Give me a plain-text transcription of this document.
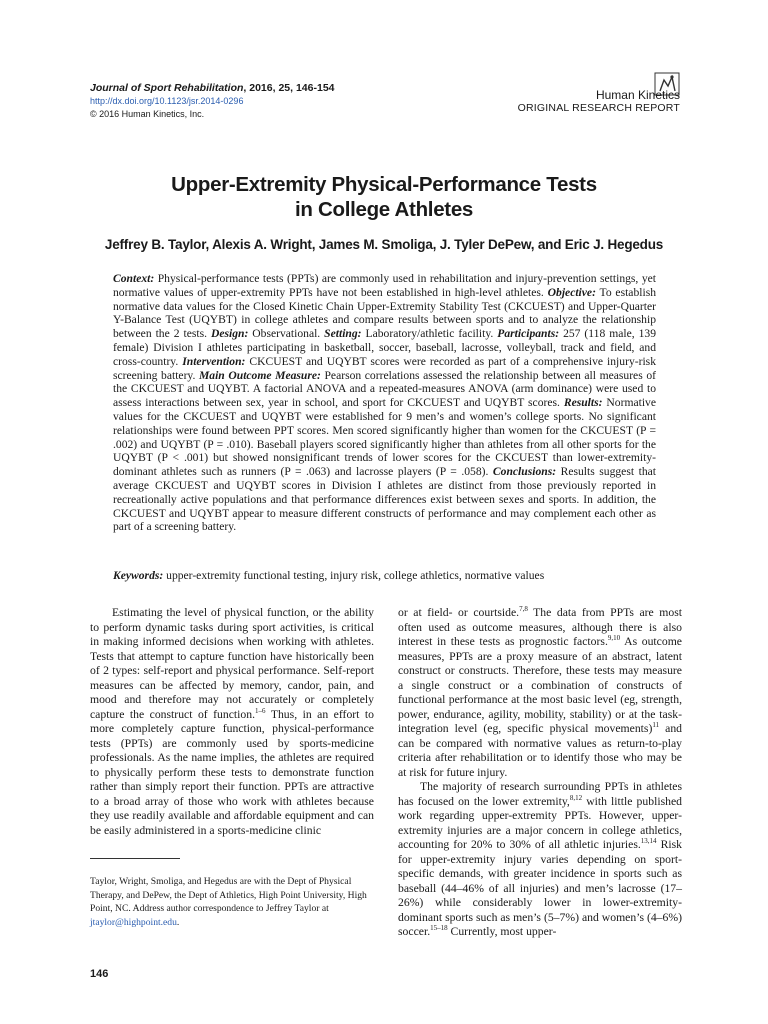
Journal of Sport Rehabilitation, 2016, 25, 146-154
http://dx.doi.org/10.1123/jsr.2014-0296
© 2016 Human Kinetics, Inc.
Human Kinetics
ORIGINAL RESEARCH REPORT
Upper-Extremity Physical-Performance Tests
in College Athletes
Jeffrey B. Taylor, Alexis A. Wright, James M. Smoliga, J. Tyler DePew, and Eric J. Hegedus
Context: Physical-performance tests (PPTs) are commonly used in rehabilitation and injury-prevention settings, yet normative values of upper-extremity PPTs have not been established in high-level athletes. Objective: To establish normative data values for the Closed Kinetic Chain Upper-Extremity Stability Test (CKCUEST) and Upper-Quarter Y-Balance Test (UQYBT) in college athletes and compare results between sports and to analyze the relationship between the 2 tests. Design: Observational. Setting: Laboratory/athletic facility. Participants: 257 (118 male, 139 female) Division I athletes participating in basketball, soccer, baseball, lacrosse, volleyball, track and field, and cross-country. Intervention: CKCUEST and UQYBT scores were recorded as part of a comprehensive injury-risk screening battery. Main Outcome Measure: Pearson correlations assessed the relationship between all measures of the CKCUEST and UQYBT. A factorial ANOVA and a repeated-measures ANOVA (arm dominance) were used to assess interactions between sex, year in school, and sport for CKCUEST and UQYBT scores. Results: Normative values for the CKCUEST and UQYBT were established for 9 men’s and women’s college sports. No significant relationships were found between PPT scores. Men scored significantly higher than women for the CKCUEST (P = .002) and UQYBT (P = .010). Baseball players scored significantly higher than athletes from all other sports for the UQYBT (P < .001) but showed nonsignificant trends of lower scores for the CKCUEST than lower-extremity-dominant athletes such as runners (P = .063) and lacrosse players (P = .058). Conclusions: Results suggest that average CKCUEST and UQYBT scores in Division I athletes are distinct from those previously reported in recreationally active populations and that performance differences exist between sexes and sports. In addition, the CKCUEST and UQYBT appear to measure different constructs of performance and may complement each other as part of a screening battery.
Keywords: upper-extremity functional testing, injury risk, college athletics, normative values

Estimating the level of physical function, or the ability to perform dynamic tasks during sport activities, is critical in making informed decisions when working with athletes. Tests that attempt to capture function have historically been of 2 types: self-report and physical performance. Self-report measures can be affected by memory, candor, pain, and mood and therefore may not accurately or completely capture the construct of function.$^{1-6}$ Thus, in an effort to more completely capture function, physical-performance tests (PPTs) are commonly used by sports-medicine professionals. As the name implies, the athletes are required to physically perform these tests to demonstrate function rather than simply report their function. PPTs are attractive to a broad array of those who work with athletes because they use readily available and affordable equipment and can be easily administered in a sports-medicine clinic

or at field- or courtside.$^{7,8}$ The data from PPTs are most often used as outcome measures, although there is also interest in these tests as prognostic factors.$^{9,10}$ As outcome measures, PPTs are a proxy measure of an abstract, latent construct or constructs. Therefore, these tests may measure a single construct or a combination of constructs of functional performance at the most basic level (eg, strength, power, endurance, agility, mobility, stability) or at the task-integration level (eg, specific physical movements)$^{11}$ and can be compared with normative values as return-to-play criteria after rehabilitation or to identify those who may be at risk for future injury.

The majority of research surrounding PPTs in athletes has focused on the lower extremity,$^{8,12}$ with little published work regarding upper-extremity PPTs. However, upper-extremity injuries are a major concern in college athletics, accounting for 20% to 30% of all athletic injuries.$^{13,14}$ Risk for upper-extremity injury varies depending on sport-specific demands, with greater incidence in sports such as baseball (44–46% of all injuries) and men’s lacrosse (17–26%) while considerably lower in lower-extremity-dominant sports such as men’s (5–7%) and women’s (4–6%) soccer.$^{15-18}$ Currently, most upper-

Taylor, Wright, Smoliga, and Hegedus are with the Dept of Physical Therapy, and DePew, the Dept of Athletics, High Point University, High Point, NC. Address author correspondence to Jeffrey Taylor at jtaylor@highpoint.edu.
146
